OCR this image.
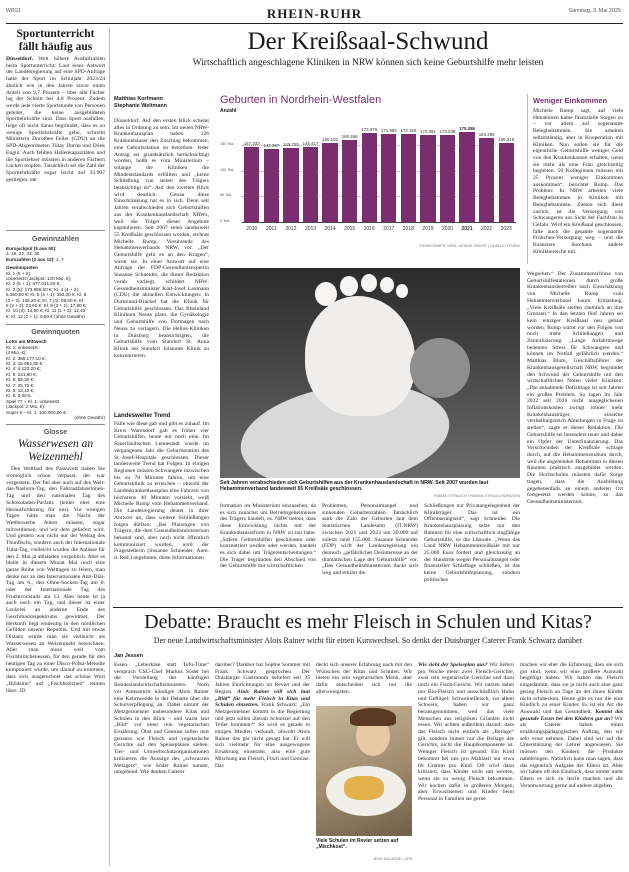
WRG1	RHEIN-RUHR	Samstag, 3. Mai 2025
Sportunterricht fällt häufig aus
Düsseldorf. Weit höhere Ausfallzahlen beim Sportunterricht: Laut einer Antwort der Landesregierung auf eine SPD-Anfrage hatte der Sport im Schuljahr 2023/24 ähnlich wie in den Jahren zuvor einen Anteil von 9,7 Prozent – über alle Fächer lag der Schnitt bei 4,8 Prozent. Zudem werde jede vierte Sportstunde von Personen geleitet, die keine ausgebildeten Sportlehrkräfte sind. Dass Sport ausfallen, liege oft nicht daran begründet, dass es zu wenige Sportlehrkräfte gebe, schreibt Ministerin Dorothee Feller (CDU) an die SPD-Abgeordneten Tülay Durdu und Dilek Engin. Auch fehlten Hallenkapazitäten und die Sportlehrer müssten in anderen Fächern Lücken stopfen. Tatsächlich sei die Zahl der Sportlehrkräfte sogar leicht auf 33.907 gestiegen. mk
Gewinnzahlen
Eurojackpot (5 aus 50):
3, 15, 22, 33, 35
Eurozahlen (2 aus 12): 1, 7
Gewinnquoten
Kl. 1 (5 + 2):
unbesetzt (Jackpot: 120 Mio. €);
Kl. 2 (5 + 1): 377.031,60 €;
Kl. 3 (5): 173.968,60 €; Kl. 4 (4 + 2):
5.350,00 €; Kl. 5 (4 + 1): 252,20 €; Kl. 6
(3 + 2): 138,20 €; Kl. 7 (4): 89,60 €; Kl.
8 (2 + 2): 23,60 €; Kl. 9 (3 + 1): 17,80 €;
Kl. 10 (3): 14,90 €; Kl. 11 (1 + 2): 12,40
€; Kl. 12 (2 + 1): 9,60 € (ohne Gewähr)
Gewinnquoten
Lotto am Mittwoch
Kl. 1: unbesetzt
(4 Mio. €);
Kl. 2: 368.177,10 €;
Kl. 3: 15.954,30 €;
Kl. 4: 4.123,20 €;
Kl. 5: 241,80 €;
Kl. 6: 59,30 €;
Kl. 7: 25,70 €;
Kl. 8: 13,10 €;
Kl. 9: 6,00 €.
Spiel 77 – Kl. 1: unbesetzt
(Jackpot: 2 Mio. €);
Super 6 – Kl. 1: 100.000,00 €.
(ohne Gewähr)
Glosse
Wasserwesen an Weizenmehl
Den Wettlauf des Passworts haben Sie womöglich schon verpasst, der war vorgestern. Der fiel aber auch auf den Welt-das-Nashorn-Tag, den Fahrradfahrerinnen-Tag und den nationalen Tag des Schokoladen-Parfaits (leider eher eine Herausforderung für uns). Vor wenigen Tagen hätte man die Nacht der Wettbewerbe feiern müssen, sogar mitverdienen, und wir dem geliefert wird. Und gestern war nicht nur der Weltag des Thunfischs, sondern auch der Internationale Tuba-Tag, vielleicht wurden die Anlässe für den 2. Mai ja abhanden vorgeblich. Aber es bleibt in diesem Monat Mai noch eine ganze Reihe von Welttagen zu feiern, man denke nur an den Internationalen Anti-Diät-Tag am 6., den Ohne-Socken-Tag am 8. oder der Internationale Tag des Fruchtcocktails am 13. Aber heute ist ja auch noch ein Tag, und dieser ist einer Leckerei an anderen Ende des Geschmacksspektrums gewidmet. Der Herkunft liegt eindeutig in den nördlichen Gefilden unserer Republik. Und mit etwas Distanz würde man sie vielleicht als Wasserwesen an Weizenmehl bezeichnen. Aber man muss weit vom Fischbrötchenessen, für den gerade für den heutigen Tag zu einer Disco-Polka-Melodie komponiert wurde, um darauf zu kommen, dass sich ausgerechnet das schöne Wort „Blödsinn“ auf „Fischbrötchen“ reimen lässt. JD
Der Kreißsaal-Schwund
Wirtschaftlich angeschlagene Kliniken in NRW können sich keine Geburtshilfe mehr leisten
Matthias Korfmann
Stephanie Weltmann
Düsseldorf. Auf den ersten Blick scheint alles in Ordnung zu sein: Im neuen NRW-Krankenhausplan haben 126 Krankenhäuser den Zuschlag bekommen, eine Geburtsstation zu betreiben. Jeder Antrag sei grundsätzlich berücksichtigt worden, heißt es vom Ministerium – solange die Kliniken die Mindeststandards erfüllten und „keine Schließung von seiten des Trägers beabsichtigt ist“. Auf den zweiten Blick wird deutlich: Genau diese Einschränkung hat es in sich. Denn seit Jahren verabschieden sich Geburtshilfen aus der Krankenhauslandschaft NRWs, weil die Träger dieser Angebote kapitulieren. Seit 2007 seien landesweit 55 Kreißsäle geschlossen worden, rechnet Michelle Rump, Vorsitzende des Hebammenverbands NRW, vor. „Der Geburtshilfe geht es an den Kragen“, warnt sie. In einer Antwort auf eine Anfrage der FDP-Gesundheitsexpertin Susanne Schneider, die dieser Redaktion vorab vorliegt, schildert NRW-Gesundheitsminister Karl-Josef Laumann (CDU) die aktuellen Entwicklungen: In Dortmund-Brackel hat die Klinik für Geburtshilfe geschlossen. Das Rheinland Klinikum Neuss plant, die Gynäkologie und Geburtshilfe von Dormagen nach Neuss zu verlagern. Die Helios-Kliniken in Duisburg beabsichtigten, die Geburtshilfe vom Standort St. Anna Klinik am Standort Johannes Klinik zu konzentrieren.
Landesweiter Trend
Fälle wie diese gab und gibt es zuhauf. Im Kreis Warendorf gab es früher vier Geburtshilfen, heute nur noch eine. Im Sauerländischen Lennestadt wurde im vergangenen Jahr die Geburtsstation des St.-Josef-Hospitals geschlossen. Dieser landesweite Trend hat Folgen. In einigen Regionen müssen Schwangere inzwischen bis zu 70 Minuten fahren, um eine Geburtsklinik zu erreichen – obwohl der Landeskrankenhausplan eine Fahrzeit von höchstens 40 Minuten vorsieht, weiß Michelle Rump vom Hebammenverband. Die Landesregierung deutet in ihrer Antwort an, dass weitere Schließungen folgen dürften: „Bei Planungen von Trägern, die dem Gesundheitsministerium bekannt sind, aber noch nicht öffentlich kommuniziert wurden, wird der Fragestellerin (Susanne Schneider, Anm. d. Red.) angeboten, diese Informationen
Geburten in Nordrhein-Westfalen
Anzahl
150 Tsd.
100 Tsd.
50 Tsd.
0 Tsd.
147.333
2010
143.097
2011
145.755
2012
146.417
2013
155.102
2014
160.468
2015
173.276
2016
171.984
2017
173.150
2018
170.391
2019
170.038
2020
175.386
2021
164.496
2022
155.315
2023
FUNKEGRAFIK NRW: DENISE ONKYS | QUELLE: IT.NRW
Weniger Einkommen
Michelle Rump sagt, auf viele Hebammen käme finanzielle Sorgen zu – vor allem auf sogenannte Beleghebammen. Sie arbeiten selbstständig, aber in Kooperation mit Kliniken. Nun sollen sie für die eigentliche Geburtshilfe weniger Geld von den Krankenkassen erhalten, wenn sie mehr als eine Frau gleichzeitig begleiten. 50 Kolleginnen müssen mit 25 Prozent weniger Einkommen auskommen“, berichtet Rump. Das Problem: In NRW arbeiten viele Beleghebammen in Kliniken mit Beleghebammen. Ziehen sich diese zurück, ist die Versorgung von Schwangeren aus Sicht der Fachfrau in Gefahr. Wird ein Kreißsaal geschlossen, falle auch die gesamte sogenannte Frühchen-Versorgung weg – und die finanziere durchaus andere Klinikbereiche mit.
Seit Jahren verabschieden sich Geburtshilfen aus der Krankenhauslandschaft in NRW. Seit 2007 wurden laut Hebammenverband landesweit 55 Kreißsäle geschlossen.
FABIAN STRAUCH / FABIAN STRAUCH/DPA/DPA
formation im Ministerium einzusehen, da es sich zunächst um Betriebsgeheimnisse des Trägers handelt, es. NRW betont, dass diese Entwicklung nichts mit der Krankenhausreform in NRW zu tun habe. „Sofern Geburtshilfen geschlossen oder konzentriert werden oder werden, handelt es sich dabei um Trägerentscheidungen.“ Die Träger begründen den Abschied von der Geburtshilfe mit wirtschaftlichen
Problemen, Personalmangel und sinkenden Geburtenzahlen. Tatsächlich sank die Zahl der Geburten laut dem Statistischen Landesamt (IT.NRW) zwischen 2021 und 2023 um 20.000 auf zuletzt rund 155.000. Susanne Schneider (FDP) wirft der Landesregierung ein dennoch „gefährliches Desinteresse an der dramatischen Lage der Geburtshilfe“ vor. „Das Gesundheitsministerium duckt sich weg und erklärt die
Schließungen zur Privatangelegenheit der Klinikträger. Das ist ein Offenbarungseid“, sagt Schneider. Die Krankenhausplanung setze nur den Rahmen für eine wirtschaftlich tragfähige Geburtshilfe, so die Liberale. „Wenn das Land NRW Hebammenkreißsäle mit nur 25.000 Euro fördert und gleichzeitig an der Standorte wegen Personalmangel oder finanzieller Schieflage schließen, ist das keine Geburtshilfeplanung, sondern politisches
Wegsehen.“ Der Zusammenschluss von Geburtshilfestationen durch große Krankenhausbetreiber nach Einschätzung von Michelle Rump vom Hebammenverband kaum Entlastung. „Viele Kreißsäle stellen räumlich an ihre Grenzen.“ In den letzten fünf Jahren sei kein einziger Kreißsaal neu gebaut worden. Rump warnt vor den Folgen von noch mehr Schließungen und Zentralisierung: „Lange Anfahrtswege bedeuten Stress für Schwangere und können im Notfall gefährlich werden.“ Matthias Blum, Geschäftsführer der Krankenhausgesellschaft NRW, begründet den Schwund der Geburtshilfe mit den wirtschaftlichen Nöten vieler Kliniken: „Die anhaltende Defizitlage ist seit Jahren ein großes Problem. So lagen im Jahr 2022 seit 2020 nicht ausgeglichenen Inflationskosten zwingt immer mehr Krankenhausträger, einzelne vertheilungsreich Abteilungen in Frage zu stellen“, sagte er dieser Redaktion. Die Geburtshilfe sei besonders teuer und daher ein Opfer der Unterfinanzierung. Das Verschwinden der Kreißsäle schlage durch, auf die Hebammenstudium durch, weil die angehenden Hebammen in diesen Räumen praktisch ausgebildet werden. Die Hochschulen müssten dafür Sorge tragen, dass die Ausbildung gegebenenfalls an einem anderen Ort fortgesetzt werden könne, so das Gesundheitsministerium.
Debatte: Braucht es mehr Fleisch in Schulen und Kitas?
Der neue Landwirtschaftsminister Alois Rainer wirbt für einen Kurswechsel. So denkt der Duisburger Caterer Frank Schwarz darüber
Jan Jessen
Essen. „Leberkäse statt Tofu-Time“ versprach CSU-Chef Markus Söder bei der Vorstellung des künftigen Bundeslandwirtschaftsministers. Noch vor Amtsantritt kündigte Alois Rainer eine Kehrtwende in der Debatte über die Schulverpflegung an. Dabei nimmt der Metzgermeister insbesondere Kitas und Schulen in den Blick – und warnt laut „Bild“ vor einer rein vegetarischen Ernährung. Obst und Gemüse sollen dort genauso wie Fleisch und vegetarische Gerichte auf den Speiseplänen stehen. Tier- und Umweltschutzorganisationen kritisieren die Aussage des „schwarzen Metzgers“, wie Söder Rainer nannte, umgehend. Wie denken Caterer
darüber? Darüber hat Sophie Sommer mit Frank Schwarz gesprochen. Der Duisburger Gastronom beliefert seit 35 Jahren Einrichtungen im Revier und der Region. Alois Rainer will sich laut „Bild“ für mehr Fleisch in Kitas und Schulen einsetzen. Frank Schwarz: „Ein Metzgermeister kommt in die Regierung und jetzt sollen überall Schnitzel auf den Teller kommen?“ So wird es gerade in einigen Medien verkauft, obwohl Alois Rainer das gar nicht gesagt hat. Er will sich vielmehr für eine ausgewogene Ernährung einsetzen, also eine gute Mischung aus Fleisch, Fisch und Gemüse. Das
deckt sich unserer Erfahrung nach mit den Wünschen der Kitas und Schulen. Wir bieten ein rein vegetarisches Menü, aber dafür entscheiden sich nur die allerwenigsten.
Viele Schulen im Revier setzen auf „Mischkost“.
JENS KALAENE / DPA
Wie sieht der Speiseplan aus? Wir liefern pro Woche meist zwei Fleisch-Gerichte, zwei rein vegetarische Gerichte und dazu noch ein Fisch-Gericht. Wir nutzen dabei nur Bio-Fleisch und ausschließlich Huhn und Geflügel. Schweinefleisch, vor allem Schwein, haben wir ganz herausgenommen, weil das viele Menschen aus religiösen Gründen nicht essen. Wir achten außerdem darauf, dass das Fleisch nicht einfach als „Beilage“ gilt, sondern immer nur die Beilage des Gerichts, nicht die Hauptkomponente ist. Weniger Fleisch ist gesund. Ein Kind bekommt bei uns pro Mahlzeit nur etwa 60 Gramm pro Kind. Oft wird dann kritisiert, dass Kinder nicht satt werden, wenn sie zu wenig Fleisch bekommen. Wir kochen dafür in größeren Mengen, aber Erwachsenen und Kinder beim Personal in Familien sie gerne
machen wir eher die Erfahrung, dass sie sich gut sind, wenn wir eine größere Auswahl beigefügt haben. Wir haben das Fleisch eingedämmt, dass sie ja nicht auch eine ganz gering Fleisch an Tage im der ihnen Kinder nicht schmecken. Heute gibt es nur die eine Kindlich zu einer Kinder. Es ist ein Art die Auswahl und das Gesundheit. Kommt das gesunde Essen bei den Kindern gut an? Wir als Caterer haben einen ernährungspädagogischen Auftrag, den wir sehr ernst nehmen. Dabei sind wir auf die Unterstützung der Lehrer angewiesen. Sie müssen den Kindern die Produkte nahebringen. Natürlich kann man sagen, dass das eigentlich Aufgabe der Eltern ist. Aber wir haben oft den Eindruck, dass immer mehr Eltern es sich zu leicht machen und die Verantwortung gerne auf andere abgeben.
